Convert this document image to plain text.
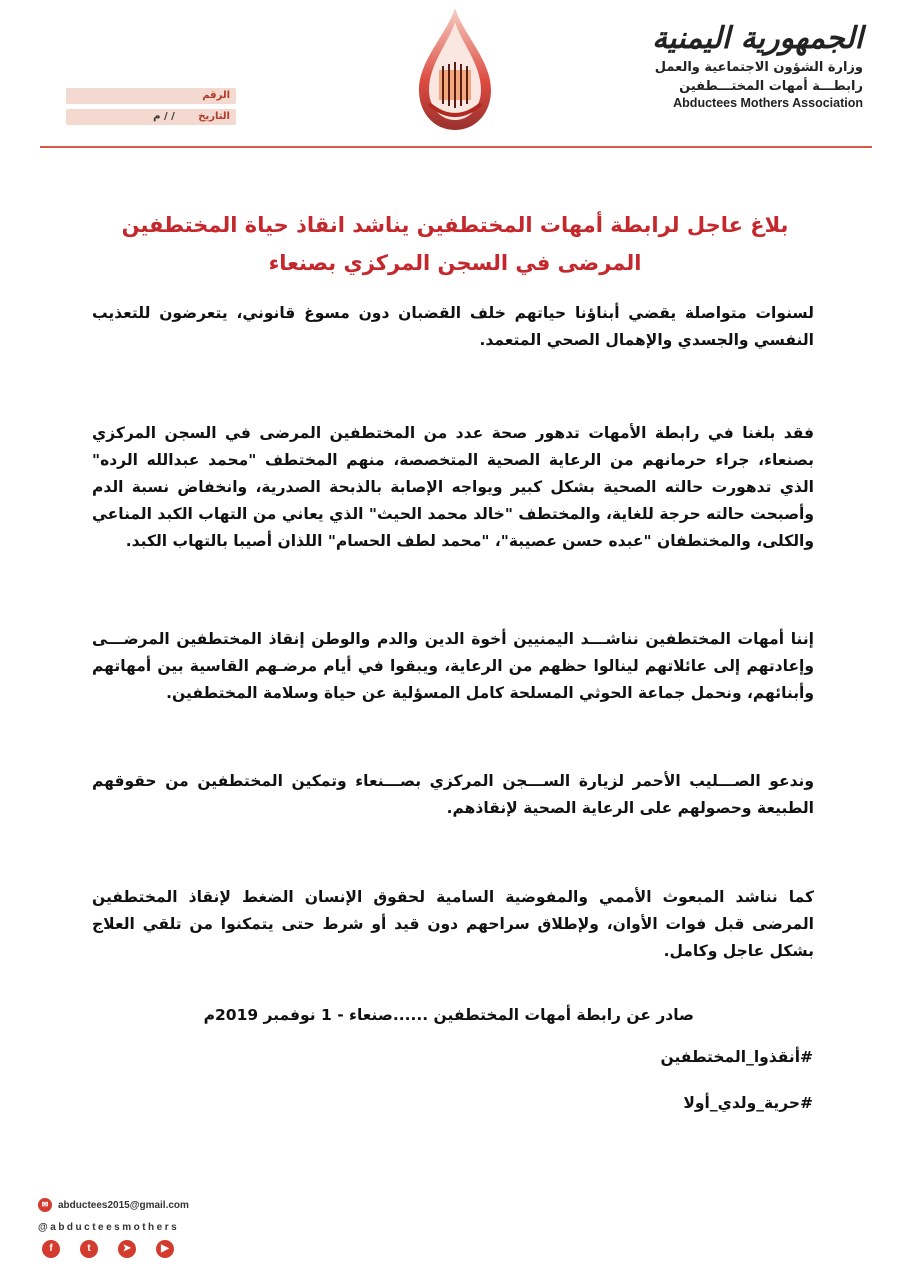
الرقم
التاريخ / / م
الجمهورية اليمنية
وزارة الشؤون الاجتماعية والعمل
رابطـــة أمهات المختـــطفين
Abductees Mothers Association
بلاغ عاجل لرابطة أمهات المختطفين يناشد انقاذ حياة المختطفين المرضى في السجن المركزي بصنعاء

لسنوات متواصلة يقضي أبناؤنا حياتهم خلف القضبان دون مسوغ قانوني، يتعرضون للتعذيب النفسي والجسدي والإهمال الصحي المتعمد.

فقد بلغنا في رابطة الأمهات تدهور صحة عدد من المختطفين المرضى في السجن المركزي بصنعاء، جراء حرمانهم من الرعاية الصحية المتخصصة، منهم المختطف "محمد عبدالله الرده" الذي تدهورت حالته الصحية بشكل كبير ويواجه الإصابة بالذبحة الصدرية، وانخفاض نسبة الدم وأصبحت حالته حرجة للغاية، والمختطف "خالد محمد الحيث" الذي يعاني من التهاب الكبد المناعي والكلى، والمختطفان "عبده حسن عصيبة"، "محمد لطف الحسام" اللذان أصيبا بالتهاب الكبد.

إننا أمهات المختطفين نناشـــد اليمنيين أخوة الدين والدم والوطن إنقاذ المختطفين المرضـــى وإعادتهم إلى عائلاتهم لينالوا حظهم من الرعاية، ويبقوا في أيام مرضـهم القاسية بين أمهاتهم وأبنائهم، ونحمل جماعة الحوثي المسلحة كامل المسؤلية عن حياة وسلامة المختطفين.

وندعو الصـــليب الأحمر لزيارة الســـجن المركزي بصـــنعاء وتمكين المختطفين من حقوقهم الطبيعة وحصولهم على الرعاية الصحية لإنقاذهم.

كما نناشد المبعوث الأممي والمفوضية السامية لحقوق الإنسان الضغط لإنقاذ المختطفين المرضى قبل فوات الأوان، ولإطلاق سراحهم دون قيد أو شرط حتى يتمكنوا من تلقي العلاج بشكل عاجل وكامل.

صادر عن رابطة أمهات المختطفين ......صنعاء - 1 نوفمبر 2019م
#أنقذوا_المختطفين
#حرية_ولدي_أولا
✉ abductees2015@gmail.com
@abducteesmothers
f	t	➤	▶
